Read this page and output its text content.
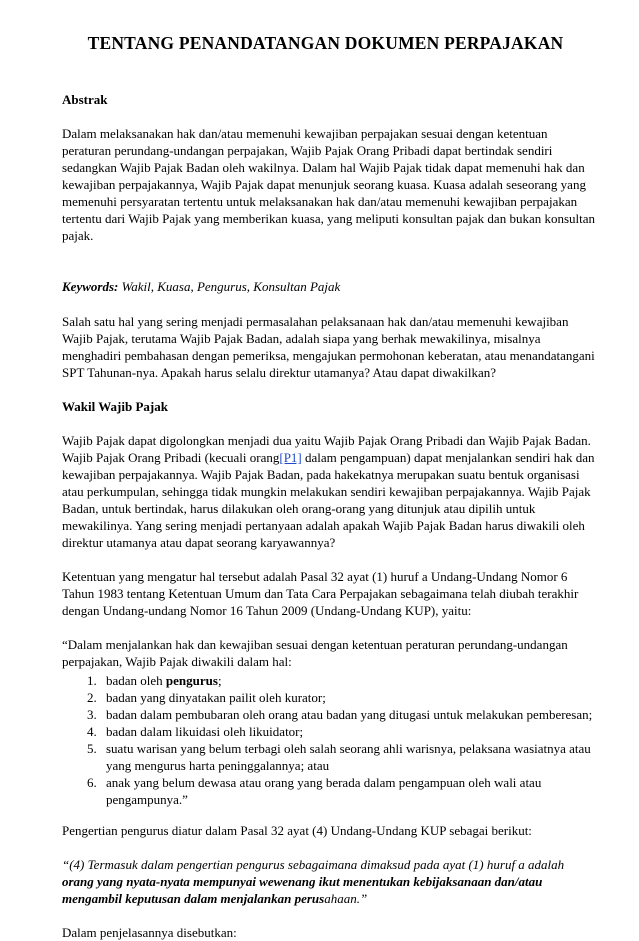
TENTANG PENANDATANGAN DOKUMEN PERPAJAKAN

Abstrak

Dalam melaksanakan hak dan/atau memenuhi kewajiban perpajakan sesuai dengan ketentuan peraturan perundang-undangan perpajakan, Wajib Pajak Orang Pribadi dapat bertindak sendiri sedangkan Wajib Pajak Badan oleh wakilnya. Dalam hal Wajib Pajak tidak dapat memenuhi hak dan kewajiban perpajakannya, Wajib Pajak dapat menunjuk seorang kuasa. Kuasa adalah seseorang yang memenuhi persyaratan tertentu untuk melaksanakan hak dan/atau memenuhi kewajiban perpajakan tertentu dari Wajib Pajak yang memberikan kuasa, yang meliputi konsultan pajak dan bukan konsultan pajak.

Keywords: Wakil, Kuasa, Pengurus, Konsultan Pajak

Salah satu hal yang sering menjadi permasalahan pelaksanaan hak dan/atau memenuhi kewajiban Wajib Pajak, terutama Wajib Pajak Badan, adalah siapa yang berhak mewakilinya, misalnya menghadiri pembahasan dengan pemeriksa, mengajukan permohonan keberatan, atau menandatangani SPT Tahunan-nya. Apakah harus selalu direktur utamanya? Atau dapat diwakilkan?

Wakil Wajib Pajak

Wajib Pajak dapat digolongkan menjadi dua yaitu Wajib Pajak Orang Pribadi dan Wajib Pajak Badan. Wajib Pajak Orang Pribadi (kecuali orang[P1] dalam pengampuan) dapat menjalankan sendiri hak dan kewajiban perpajakannya. Wajib Pajak Badan, pada hakekatnya merupakan suatu bentuk organisasi atau perkumpulan, sehingga tidak mungkin melakukan sendiri kewajiban perpajakannya. Wajib Pajak Badan, untuk bertindak, harus dilakukan oleh orang-orang yang ditunjuk atau dipilih untuk mewakilinya. Yang sering menjadi pertanyaan adalah apakah Wajib Pajak Badan harus diwakili oleh direktur utamanya atau dapat seorang karyawannya?

Ketentuan yang mengatur hal tersebut adalah Pasal 32 ayat (1) huruf a Undang-Undang Nomor 6 Tahun 1983 tentang Ketentuan Umum dan Tata Cara Perpajakan sebagaimana telah diubah terakhir dengan Undang-undang Nomor 16 Tahun 2009 (Undang-Undang KUP), yaitu:

“Dalam menjalankan hak dan kewajiban sesuai dengan ketentuan peraturan perundang-undangan perpajakan, Wajib Pajak diwakili dalam hal:

1. badan oleh pengurus;
2. badan yang dinyatakan pailit oleh kurator;
3. badan dalam pembubaran oleh orang atau badan yang ditugasi untuk melakukan pemberesan;
4. badan dalam likuidasi oleh likuidator;
5. suatu warisan yang belum terbagi oleh salah seorang ahli warisnya, pelaksana wasiatnya atau yang mengurus harta peninggalannya; atau
6. anak yang belum dewasa atau orang yang berada dalam pengampuan oleh wali atau pengampunya.”

Pengertian pengurus diatur dalam Pasal 32 ayat (4) Undang-Undang KUP sebagai berikut:

“(4) Termasuk dalam pengertian pengurus sebagaimana dimaksud pada ayat (1) huruf a adalah orang yang nyata-nyata mempunyai wewenang ikut menentukan kebijaksanaan dan/atau mengambil keputusan dalam menjalankan perusahaan.”

Dalam penjelasannya disebutkan:
